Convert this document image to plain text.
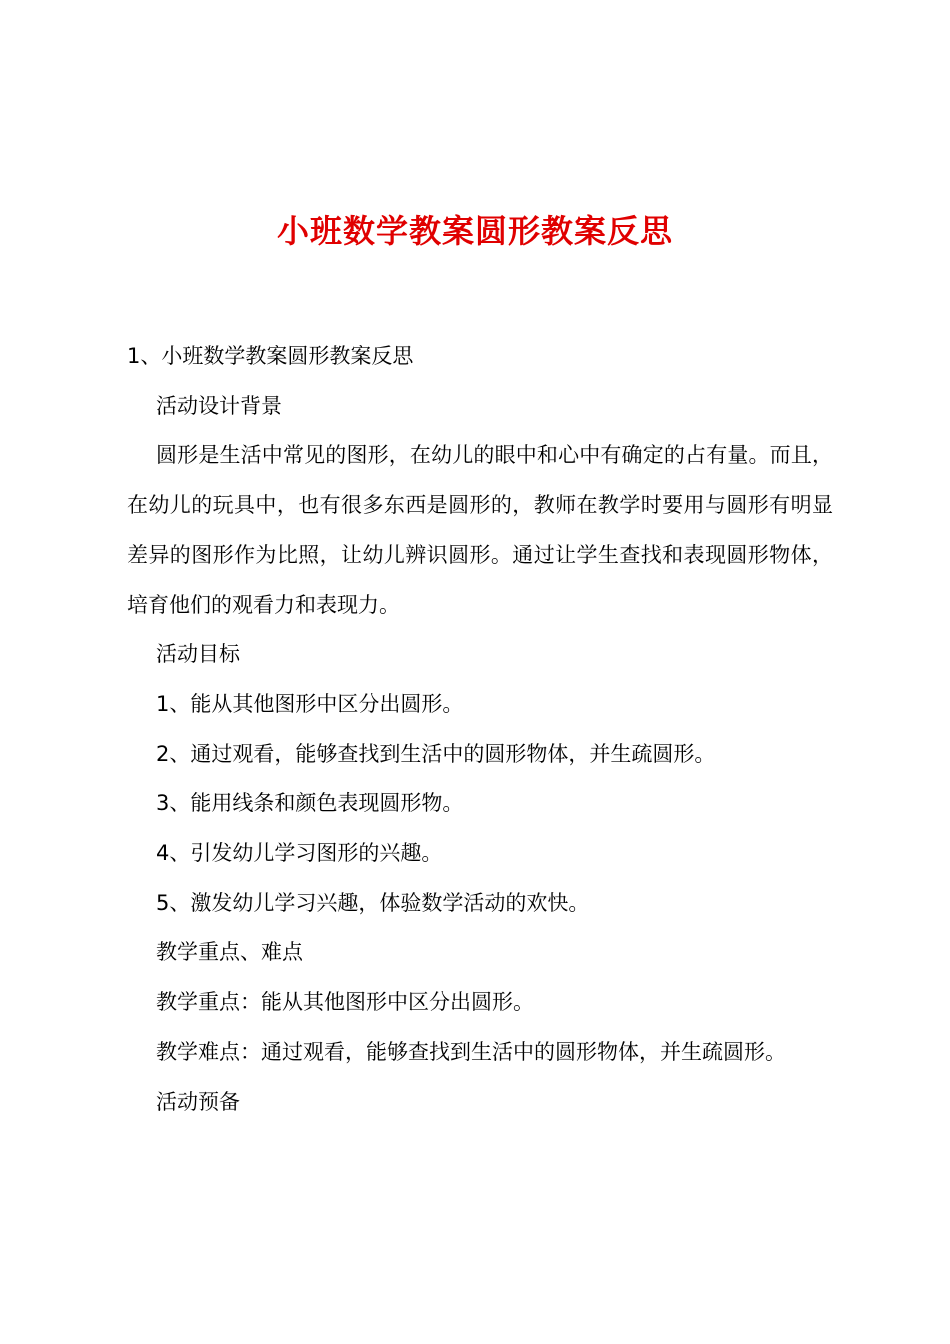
小班数学教案圆形教案反思

1、小班数学教案圆形教案反思

活动设计背景

圆形是生活中常见的图形，在幼儿的眼中和心中有确定的占有量。而且，在幼儿的玩具中，也有很多东西是圆形的，教师在教学时要用与圆形有明显差异的图形作为比照，让幼儿辨识圆形。通过让学生查找和表现圆形物体，培育他们的观看力和表现力。

活动目标

1、能从其他图形中区分出圆形。

2、通过观看，能够查找到生活中的圆形物体，并生疏圆形。

3、能用线条和颜色表现圆形物。

4、引发幼儿学习图形的兴趣。

5、激发幼儿学习兴趣，体验数学活动的欢快。

教学重点、难点

教学重点：能从其他图形中区分出圆形。

教学难点：通过观看，能够查找到生活中的圆形物体，并生疏圆形。

活动预备
